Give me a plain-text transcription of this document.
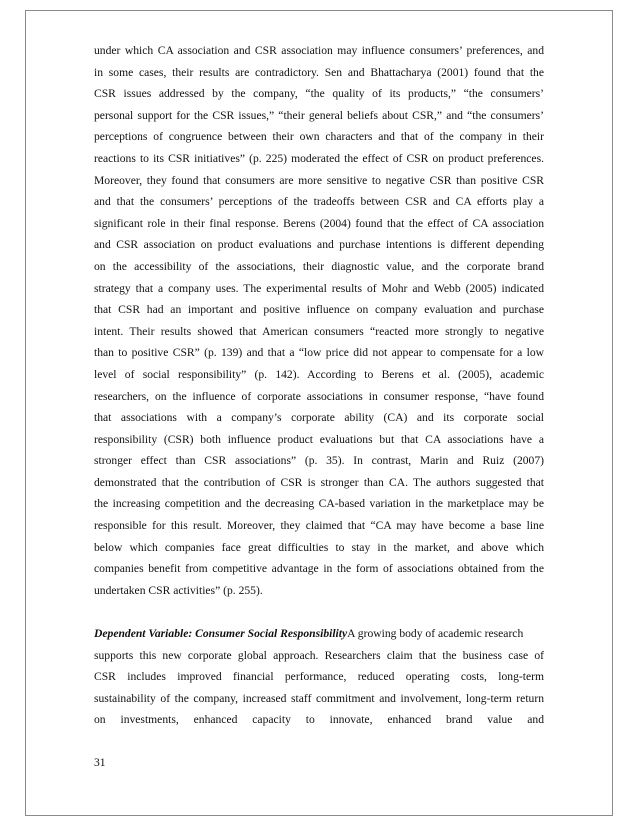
under which CA association and CSR association may influence consumers’ preferences, and
in some cases, their results are contradictory. Sen and Bhattacharya (2001) found that the
CSR issues addressed by the company, “the quality of its products,” “the consumers’
personal support for the CSR issues,” “their general beliefs about CSR,” and “the consumers’
perceptions of congruence between their own characters and that of the company in their
reactions to its CSR initiatives” (p. 225) moderated the effect of CSR on product preferences.
Moreover, they found that consumers are more sensitive to negative CSR than positive CSR
and that the consumers’ perceptions of the tradeoffs between CSR and CA efforts play a
significant role in their final response. Berens (2004) found that the effect of CA association
and CSR association on product evaluations and purchase intentions is different depending
on the accessibility of the associations, their diagnostic value, and the corporate brand
strategy that a company uses. The experimental results of Mohr and Webb (2005) indicated
that CSR had an important and positive influence on company evaluation and purchase
intent. Their results showed that American consumers “reacted more strongly to negative
than to positive CSR” (p. 139) and that a “low price did not appear to compensate for a low
level of social responsibility” (p. 142). According to Berens et al. (2005), academic
researchers, on the influence of corporate associations in consumer response, “have found
that associations with a company’s corporate ability (CA) and its corporate social
responsibility (CSR) both influence product evaluations but that CA associations have a
stronger effect than CSR associations” (p. 35). In contrast, Marin and Ruiz (2007)
demonstrated that the contribution of CSR is stronger than CA. The authors suggested that
the increasing competition and the decreasing CA-based variation in the marketplace may be
responsible for this result. Moreover, they claimed that “CA may have become a base line
below which companies face great difficulties to stay in the market, and above which
companies benefit from competitive advantage in the form of associations obtained from the
undertaken CSR activities” (p. 255).
Dependent Variable: Consumer Social ResponsibilityA growing body of academic research
supports this new corporate global approach. Researchers claim that the business case of
CSR includes improved financial performance, reduced operating costs, long-term
sustainability of the company, increased staff commitment and involvement, long-term return
on investments, enhanced capacity to innovate, enhanced brand value and
31
